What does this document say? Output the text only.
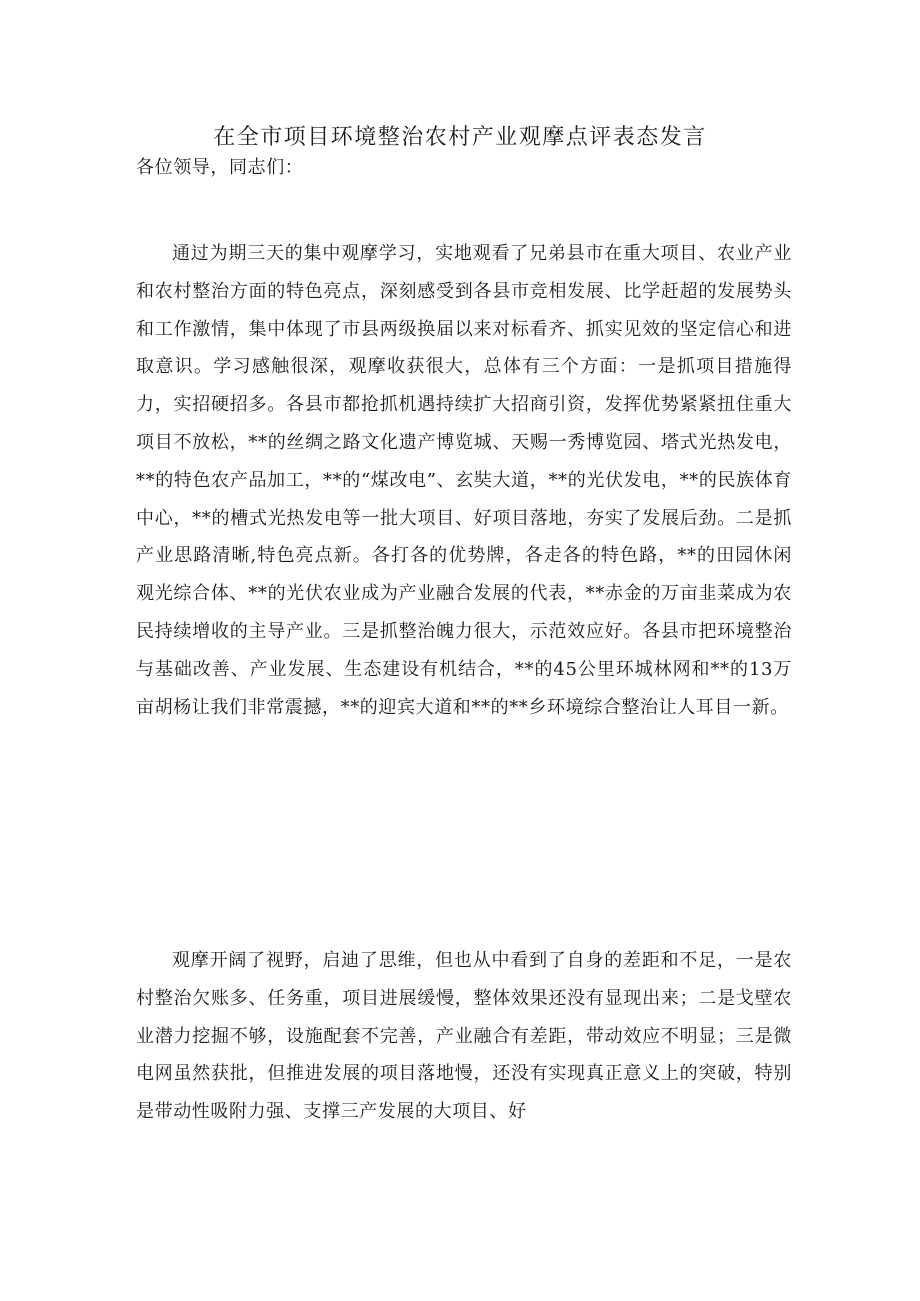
在全市项目环境整治农村产业观摩点评表态发言
各位领导，同志们：

通过为期三天的集中观摩学习，实地观看了兄弟县市在重大项目、农业产业和农村整治方面的特色亮点，深刻感受到各县市竞相发展、比学赶超的发展势头和工作激情，集中体现了市县两级换届以来对标看齐、抓实见效的坚定信心和进取意识。学习感触很深，观摩收获很大，总体有三个方面：一是抓项目措施得力，实招硬招多。各县市都抢抓机遇持续扩大招商引资，发挥优势紧紧扭住重大项目不放松，**的丝绸之路文化遗产博览城、天赐一秀博览园、塔式光热发电，**的特色农产品加工，**的“煤改电”、玄奘大道，**的光伏发电，**的民族体育中心，**的槽式光热发电等一批大项目、好项目落地，夯实了发展后劲。二是抓产业思路清晰,特色亮点新。各打各的优势牌，各走各的特色路，**的田园休闲观光综合体、**的光伏农业成为产业融合发展的代表，**赤金的万亩韭菜成为农民持续增收的主导产业。三是抓整治魄力很大，示范效应好。各县市把环境整治与基础改善、产业发展、生态建设有机结合，**的45公里环城林网和**的13万亩胡杨让我们非常震撼，**的迎宾大道和**的**乡环境综合整治让人耳目一新。

观摩开阔了视野，启迪了思维，但也从中看到了自身的差距和不足，一是农村整治欠账多、任务重，项目进展缓慢，整体效果还没有显现出来；二是戈壁农业潜力挖掘不够，设施配套不完善，产业融合有差距，带动效应不明显；三是微电网虽然获批，但推进发展的项目落地慢，还没有实现真正意义上的突破，特别是带动性吸附力强、支撑三产发展的大项目、好
